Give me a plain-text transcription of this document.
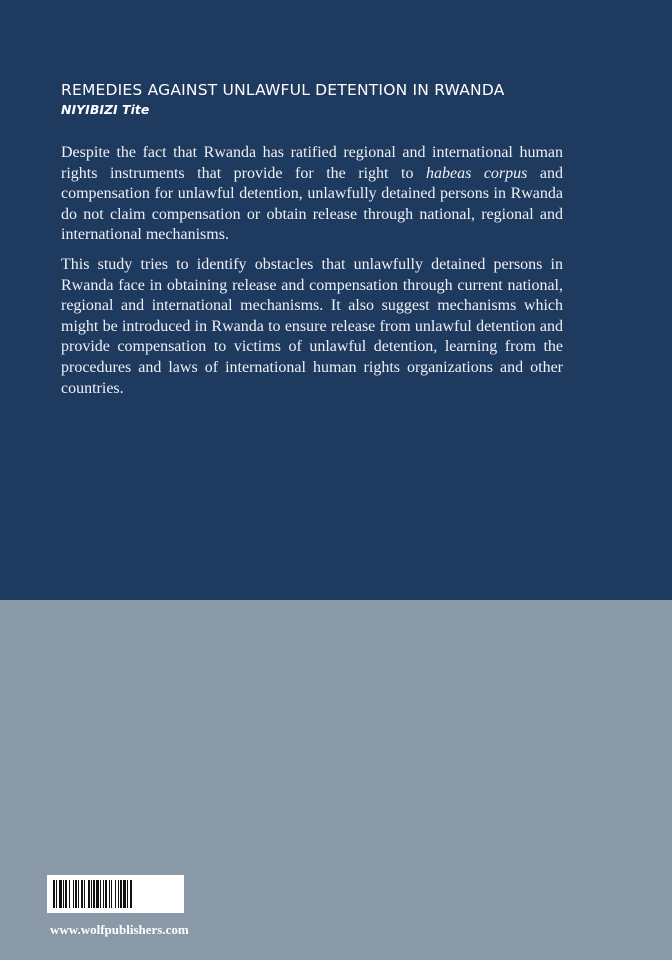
REMEDIES AGAINST UNLAWFUL DETENTION IN RWANDA
NIYIBIZI Tite

Despite the fact that Rwanda has ratified regional and international human rights instruments that provide for the right to habeas corpus and compensation for unlawful detention, unlawfully detained persons in Rwanda do not claim compensation or obtain release through national, regional and international mechanisms.

This study tries to identify obstacles that unlawfully detained persons in Rwanda face in obtaining release and compensation through current national, regional and international mechanisms. It also suggest mechanisms which might be introduced in Rwanda to ensure release from unlawful detention and provide compensation to victims of unlawful detention, learning from the procedures and laws of international human rights organizations and other countries.

www.wolfpublishers.com
